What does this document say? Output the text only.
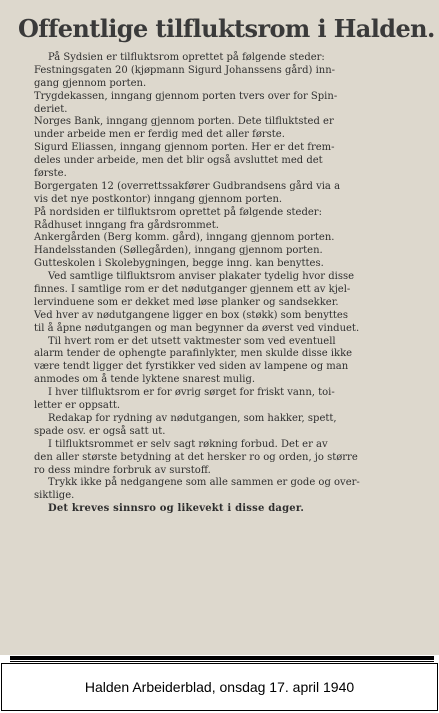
Offentlige tilfluktsrom i Halden.
På Sydsien er tilfluktsrom oprettet på følgende steder:
Festningsgaten 20 (kjøpmann Sigurd Johanssens gård) inn-
gang gjennom porten.
Trygdekassen, inngang gjennom porten tvers over for Spin-
deriet.
Norges Bank, inngang gjennom porten. Dete tilfluktsted er
under arbeide men er ferdig med det aller første.
Sigurd Eliassen, inngang gjennom porten. Her er det frem-
deles under arbeide, men det blir også avsluttet med det
første.
Borgergaten 12 (overrettssakfører Gudbrandsens gård via a
vis det nye postkontor) inngang gjennom porten.
På nordsiden er tilfluktsrom oprettet på følgende steder:
Rådhuset inngang fra gårdsrommet.
Ankergården (Berg komm. gård), inngang gjennom porten.
Handelsstanden (Søllegården), inngang gjennom porten.
Gutteskolen i Skolebygningen, begge inng. kan benyttes.
Ved samtlige tilfluktsrom anviser plakater tydelig hvor disse
finnes. I samtlige rom er det nødutganger gjennem ett av kjel-
lervinduene som er dekket med løse planker og sandsekker.
Ved hver av nødutgangene ligger en box (støkk) som benyttes
til å åpne nødutgangen og man begynner da øverst ved vinduet.
Til hvert rom er det utsett vaktmester som ved eventuell
alarm tender de ophengte parafinlykter, men skulde disse ikke
være tendt ligger det fyrstikker ved siden av lampene og man
anmodes om å tende lyktene snarest mulig.
I hver tilfluktsrom er for øvrig sørget for friskt vann, toi-
letter er oppsatt.
Redakap for rydning av nødutgangen, som hakker, spett,
spade osv. er også satt ut.
I tilfluktsrommet er selv sagt røkning forbud. Det er av
den aller største betydning at det hersker ro og orden, jo større
ro dess mindre forbruk av surstoff.
Trykk ikke på nedgangene som alle sammen er gode og over-
siktlige.
Det kreves sinnsro og likevekt i disse dager.
Halden Arbeiderblad, onsdag 17. april 1940
